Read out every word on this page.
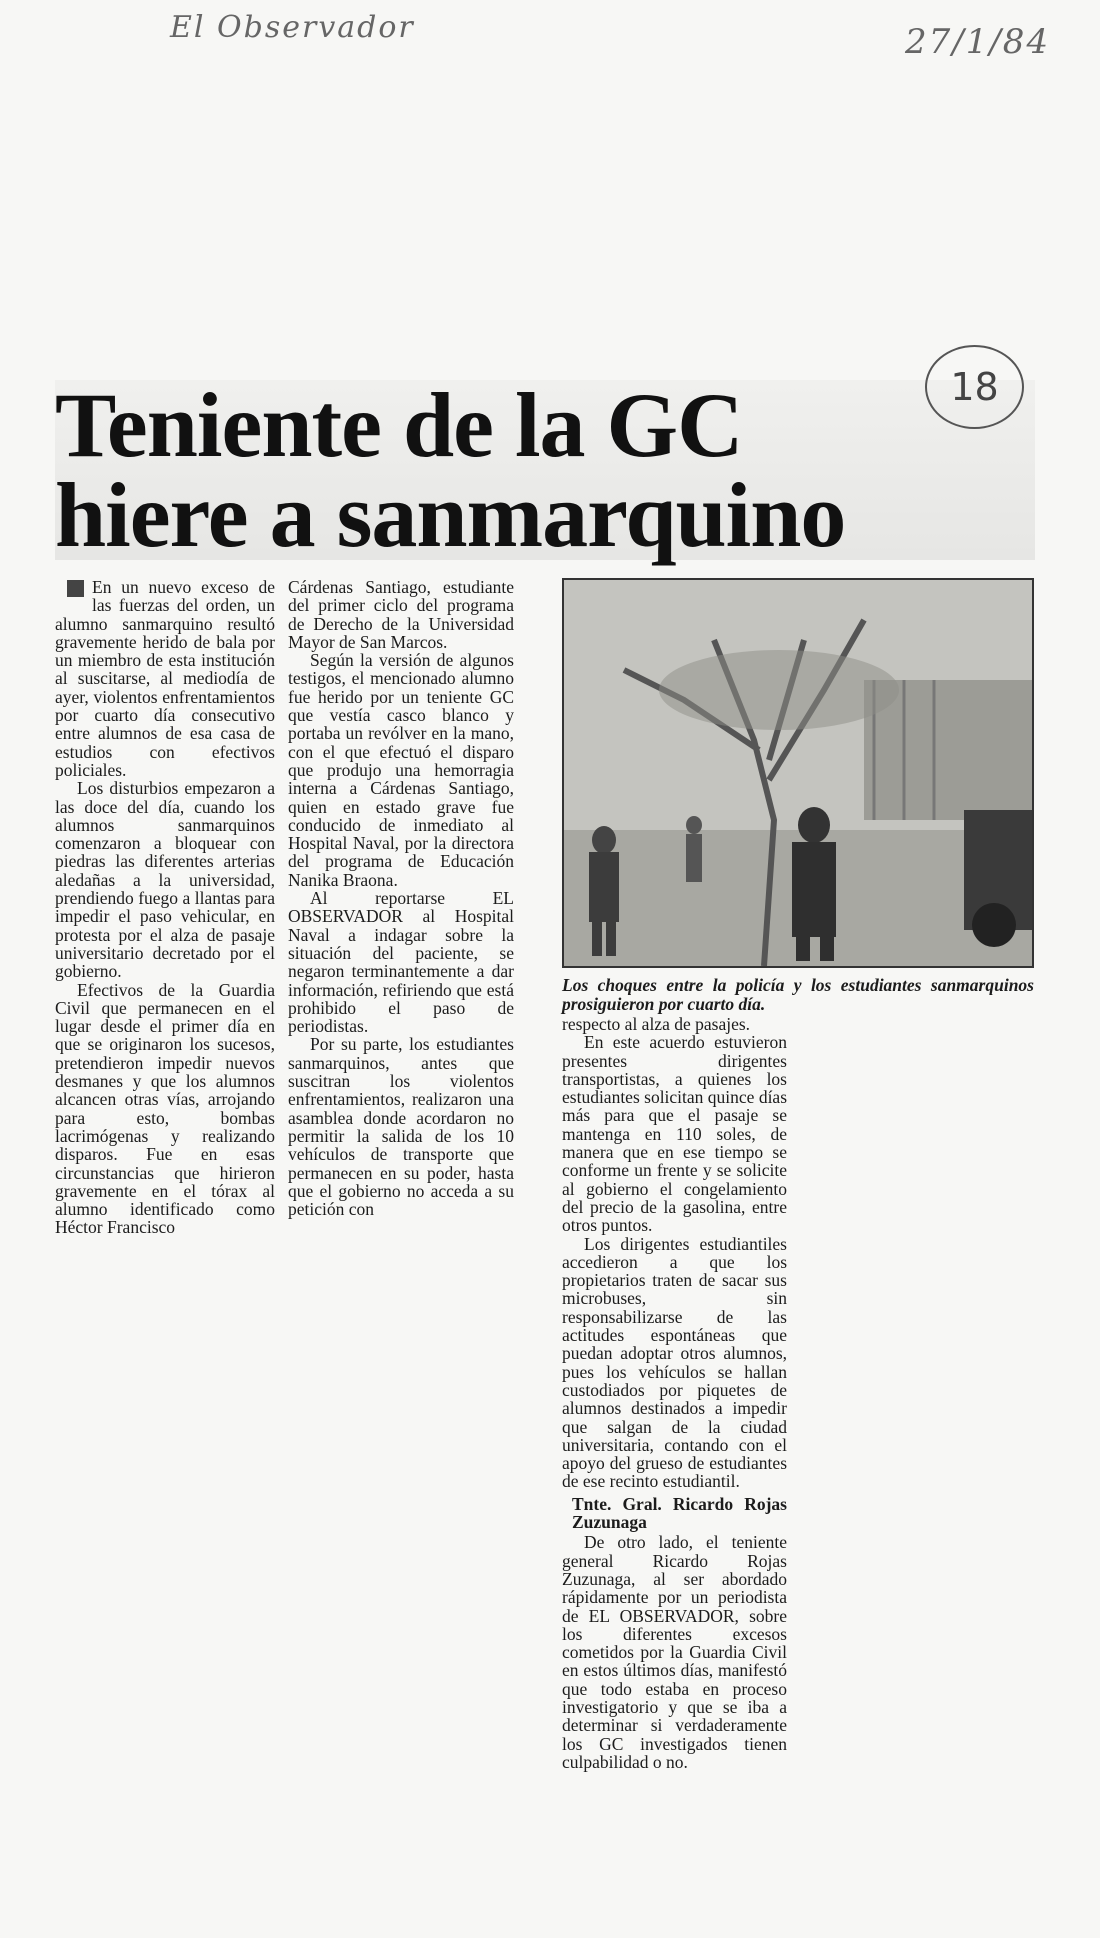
El Observador	27/1/84
18
Teniente de la GC
hiere a sanmarquino

En un nuevo exceso de las fuerzas del orden, un alumno sanmarquino resultó gravemente herido de bala por un miembro de esta institución al suscitarse, al mediodía de ayer, violentos enfrentamientos por cuarto día consecutivo entre alumnos de esa casa de estudios con efectivos policiales.

Los disturbios empezaron a las doce del día, cuando los alumnos sanmarquinos comenzaron a bloquear con piedras las diferentes arterias aledañas a la universidad, prendiendo fuego a llantas para impedir el paso vehicular, en protesta por el alza de pasaje universitario decretado por el gobierno.

Efectivos de la Guardia Civil que permanecen en el lugar desde el primer día en que se originaron los sucesos, pretendieron impedir nuevos desmanes y que los alumnos alcancen otras vías, arrojando para esto, bombas lacrimógenas y realizando disparos. Fue en esas circunstancias que hirieron gravemente en el tórax al alumno identificado como Héctor Francisco

Cárdenas Santiago, estudiante del primer ciclo del programa de Derecho de la Universidad Mayor de San Marcos.

Según la versión de algunos testigos, el mencionado alumno fue herido por un teniente GC que vestía casco blanco y portaba un revólver en la mano, con el que efectuó el disparo que produjo una hemorragia interna a Cárdenas Santiago, quien en estado grave fue conducido de inmediato al Hospital Naval, por la directora del programa de Educación Nanika Braona.

Al reportarse EL OBSERVADOR al Hospital Naval a indagar sobre la situación del paciente, se negaron terminantemente a dar información, refiriendo que está prohibido el paso de periodistas.

Por su parte, los estudiantes sanmarquinos, antes que suscitran los violentos enfrentamientos, realizaron una asamblea donde acordaron no permitir la salida de los 10 vehículos de transporte que permanecen en su poder, hasta que el gobierno no acceda a su petición con

Los choques entre la policía y los estudiantes sanmarquinos prosiguieron por cuarto día.

respecto al alza de pasajes.

En este acuerdo estuvieron presentes dirigentes transportistas, a quienes los estudiantes solicitan quince días más para que el pasaje se mantenga en 110 soles, de manera que en ese tiempo se conforme un frente y se solicite al gobierno el congelamiento del precio de la gasolina, entre otros puntos.

Los dirigentes estudiantiles accedieron a que los propietarios traten de sacar sus microbuses, sin responsabilizarse de las actitudes espontáneas que puedan adoptar otros alumnos, pues los vehículos se hallan custodiados por piquetes de alumnos destinados a impedir que salgan de la ciudad universitaria, contando con el apoyo del grueso de estudiantes de ese recinto estudiantil.

Tnte. Gral. Ricardo Rojas Zuzunaga

De otro lado, el teniente general Ricardo Rojas Zuzunaga, al ser abordado rápidamente por un periodista de EL OBSERVADOR, sobre los diferentes excesos cometidos por la Guardia Civil en estos últimos días, manifestó que todo estaba en proceso investigatorio y que se iba a determinar si verdaderamente los GC investigados tienen culpabilidad o no.
